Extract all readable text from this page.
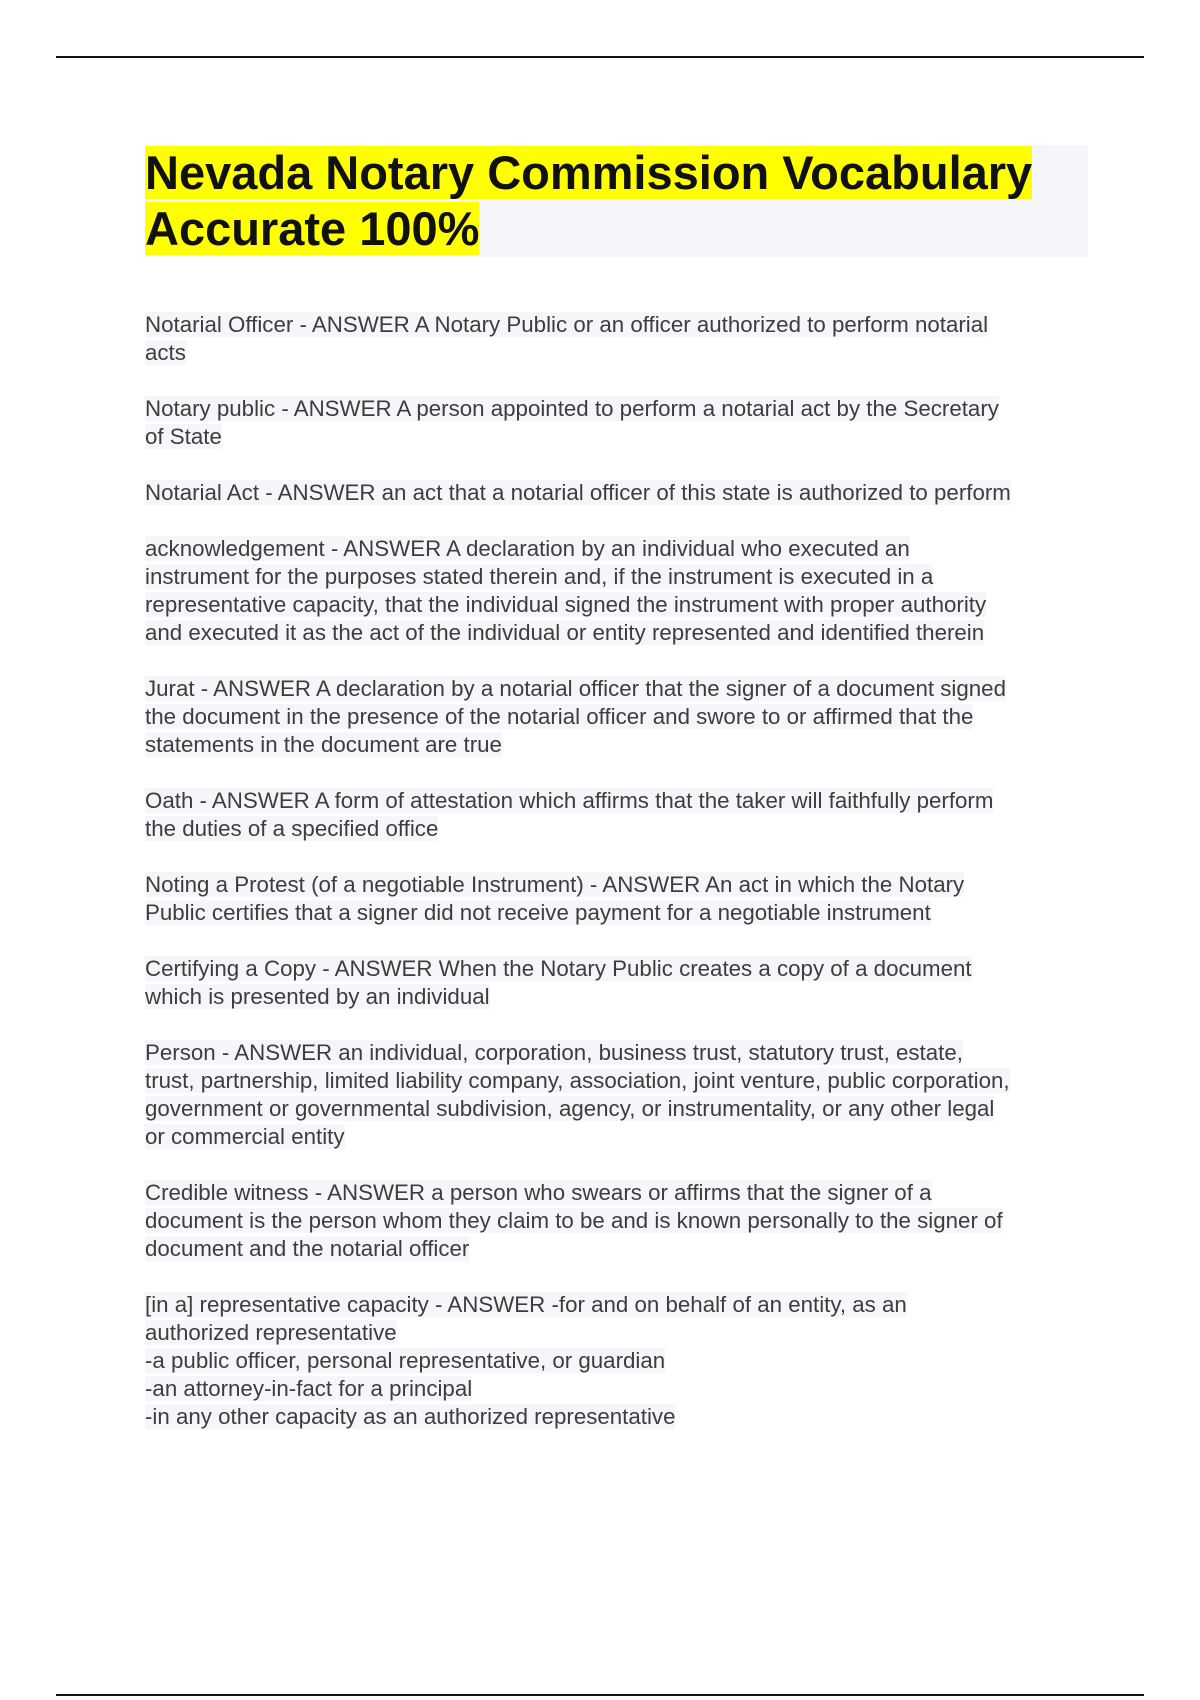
Nevada Notary Commission Vocabulary
Accurate 100%
Notarial Officer - ANSWER A Notary Public or an officer authorized to perform notarial
acts
Notary public - ANSWER A person appointed to perform a notarial act by the Secretary
of State
Notarial Act - ANSWER an act that a notarial officer of this state is authorized to perform
acknowledgement - ANSWER A declaration by an individual who executed an
instrument for the purposes stated therein and, if the instrument is executed in a
representative capacity, that the individual signed the instrument with proper authority
and executed it as the act of the individual or entity represented and identified therein
Jurat - ANSWER A declaration by a notarial officer that the signer of a document signed
the document in the presence of the notarial officer and swore to or affirmed that the
statements in the document are true
Oath - ANSWER A form of attestation which affirms that the taker will faithfully perform
the duties of a specified office
Noting a Protest (of a negotiable Instrument) - ANSWER An act in which the Notary
Public certifies that a signer did not receive payment for a negotiable instrument
Certifying a Copy - ANSWER When the Notary Public creates a copy of a document
which is presented by an individual
Person - ANSWER an individual, corporation, business trust, statutory trust, estate,
trust, partnership, limited liability company, association, joint venture, public corporation,
government or governmental subdivision, agency, or instrumentality, or any other legal
or commercial entity
Credible witness - ANSWER a person who swears or affirms that the signer of a
document is the person whom they claim to be and is known personally to the signer of
document and the notarial officer
[in a] representative capacity - ANSWER -for and on behalf of an entity, as an
authorized representative
-a public officer, personal representative, or guardian
-an attorney-in-fact for a principal
-in any other capacity as an authorized representative
